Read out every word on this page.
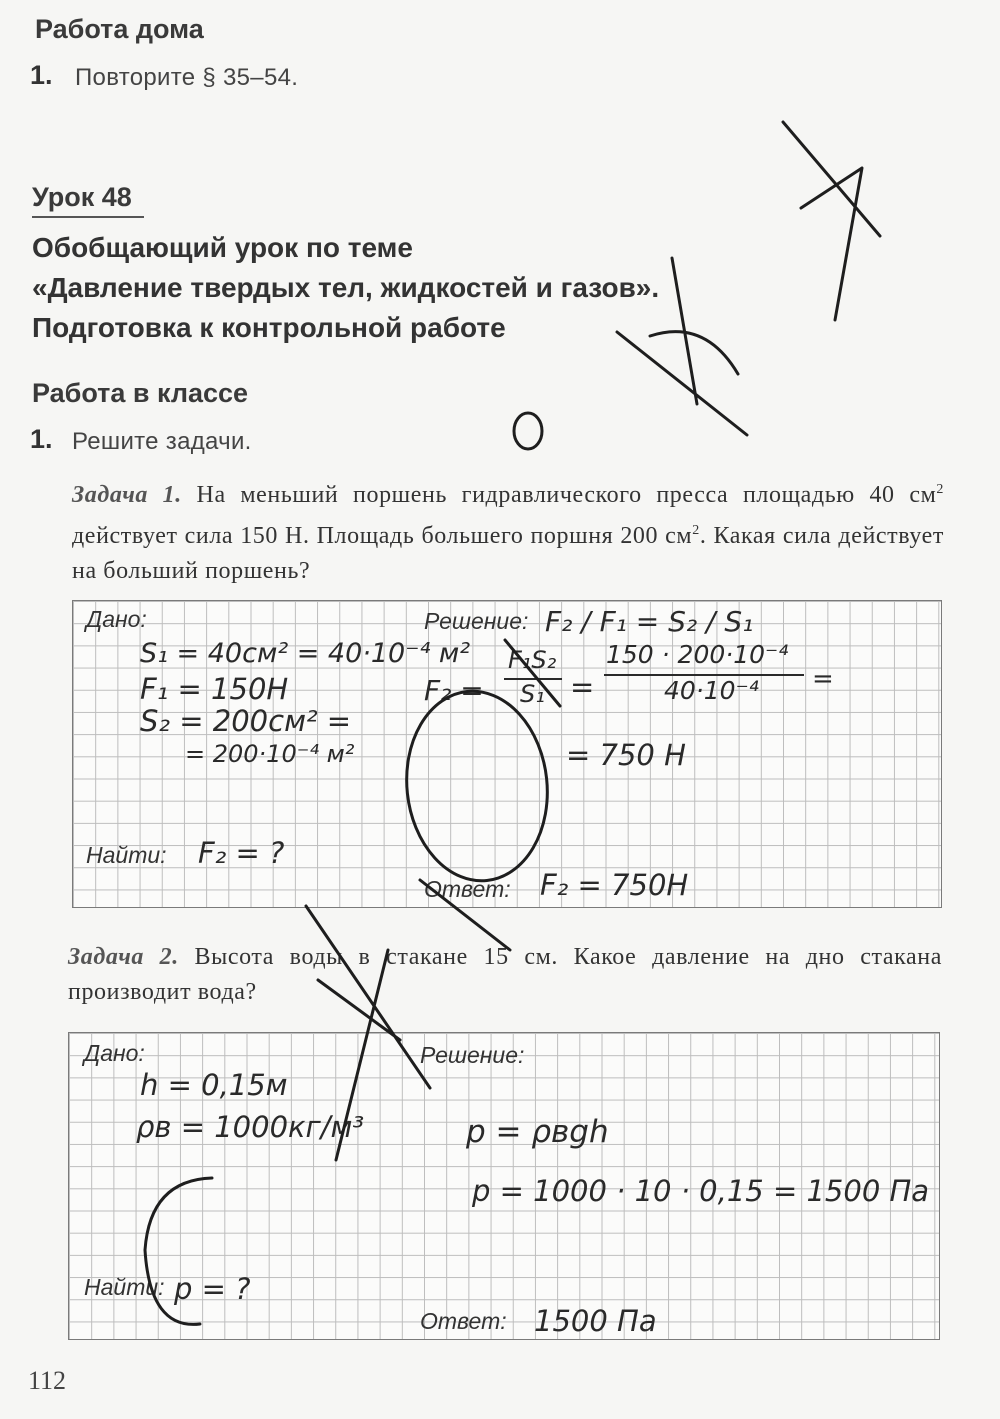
Работа дома
1. Повторите § 35–54.
Урок 48
Обобщающий урок по теме
«Давление твердых тел, жидкостей и газов».
Подготовка к контрольной работе
Работа в классе
1. Решите задачи.
Задача 1. На меньший поршень гидравлического пресса площадью 40 $см^2$ действует сила 150 Н. Площадь большего поршня 200 $см^2$. Какая сила действует на больший поршень?
Дано:	Решение:
Найти:
Ответ:
S₁ = 40см² = 40·10⁻⁴ м²
F₁ = 150Н
S₂ = 200см² =
= 200·10⁻⁴ м²
F₂ = ?
F₂ / F₁ = S₂ / S₁
F₂ =
F₁S₂
S₁ =
150 · 200·10⁻⁴
40·10⁻⁴ =
= 750 Н
F₂ = 750Н
Задача 2. Высота воды в стакане 15 см. Какое давление на дно стакана производит вода?
Дано:	Решение:
Найти:
Ответ:
h = 0,15м
ρв = 1000кг/м³
p = ?
p = ρвgh
p = 1000 · 10 · 0,15 = 1500 Па
1500 Па
112
